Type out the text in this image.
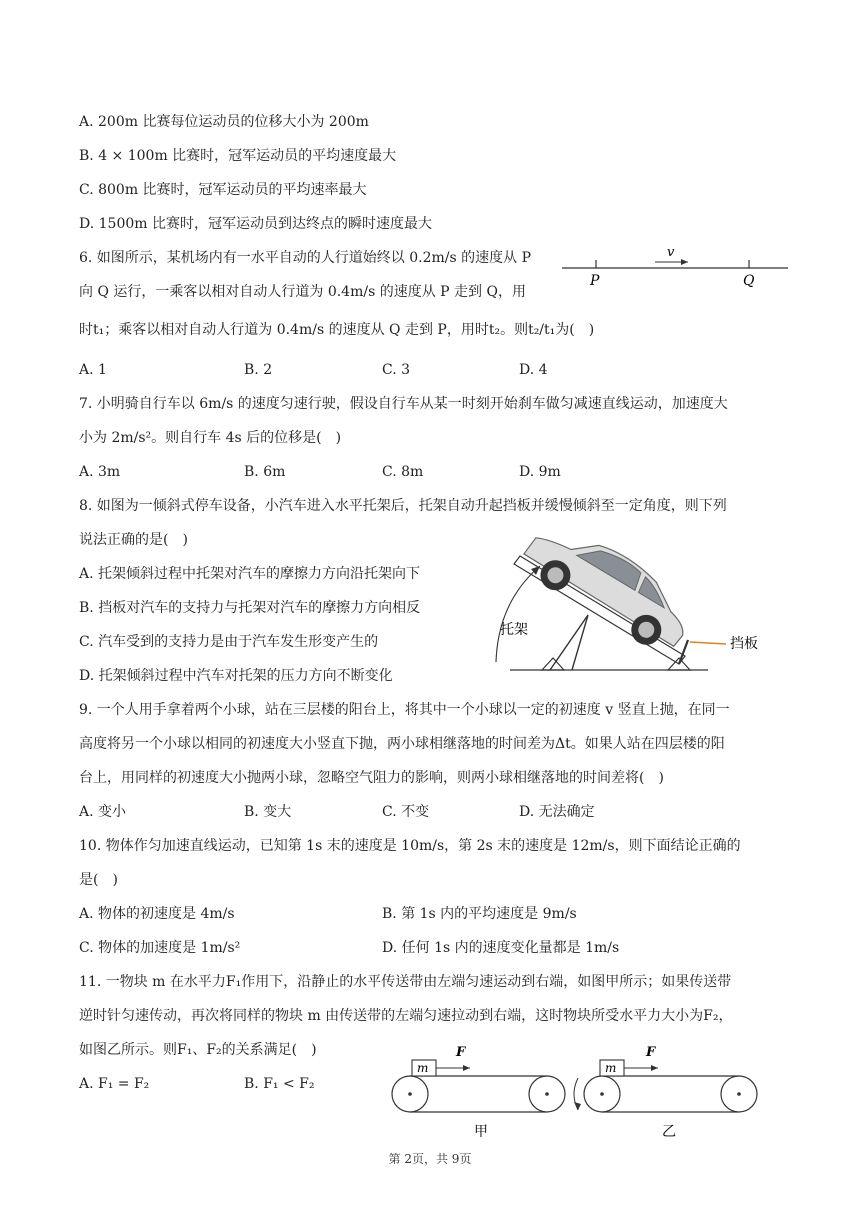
A. 200m 比赛每位运动员的位移大小为 200m
B. 4 × 100m 比赛时，冠军运动员的平均速度最大
C. 800m 比赛时，冠军运动员的平均速率最大
D. 1500m 比赛时，冠军运动员到达终点的瞬时速度最大
6. 如图所示，某机场内有一水平自动的人行道始终以 0.2m/s 的速度从 P
向 Q 运行，一乘客以相对自动人行道为 0.4m/s 的速度从 P 走到 Q，用
时t₁；乘客以相对自动人行道为 0.4m/s 的速度从 Q 走到 P，用时t₂。则t₂/t₁为(　)
v
P	Q
A. 1	B. 2	C. 3	D. 4
7. 小明骑自行车以 6m/s 的速度匀速行驶，假设自行车从某一时刻开始刹车做匀减速直线运动，加速度大
小为 2m/s²。则自行车 4s 后的位移是(　)
A. 3m	B. 6m	C. 8m	D. 9m
8. 如图为一倾斜式停车设备，小汽车进入水平托架后，托架自动升起挡板并缓慢倾斜至一定角度，则下列
说法正确的是(　)
A. 托架倾斜过程中托架对汽车的摩擦力方向沿托架向下
B. 挡板对汽车的支持力与托架对汽车的摩擦力方向相反
C. 汽车受到的支持力是由于汽车发生形变产生的
D. 托架倾斜过程中汽车对托架的压力方向不断变化
挡板
托架
9. 一个人用手拿着两个小球，站在三层楼的阳台上，将其中一个小球以一定的初速度 v 竖直上抛，在同一
高度将另一个小球以相同的初速度大小竖直下抛，两小球相继落地的时间差为Δt。如果人站在四层楼的阳
台上，用同样的初速度大小抛两小球，忽略空气阻力的影响，则两小球相继落地的时间差将(　)
A. 变小	B. 变大	C. 不变	D. 无法确定
10. 物体作匀加速直线运动，已知第 1s 末的速度是 10m/s，第 2s 末的速度是 12m/s，则下面结论正确的
是(　)
A. 物体的初速度是 4m/s	B. 第 1s 内的平均速度是 9m/s
C. 物体的加速度是 1m/s²	D. 任何 1s 内的速度变化量都是 1m/s
11. 一物块 m 在水平力F₁作用下，沿静止的水平传送带由左端匀速运动到右端，如图甲所示；如果传送带
逆时针匀速传动，再次将同样的物块 m 由传送带的左端匀速拉动到右端，这时物块所受水平力大小为F₂，
如图乙所示。则F₁、F₂的关系满足(　)
A. F₁ = F₂	B. F₁ < F₂
m
F
甲
m
F
乙
第 2页，共 9页
